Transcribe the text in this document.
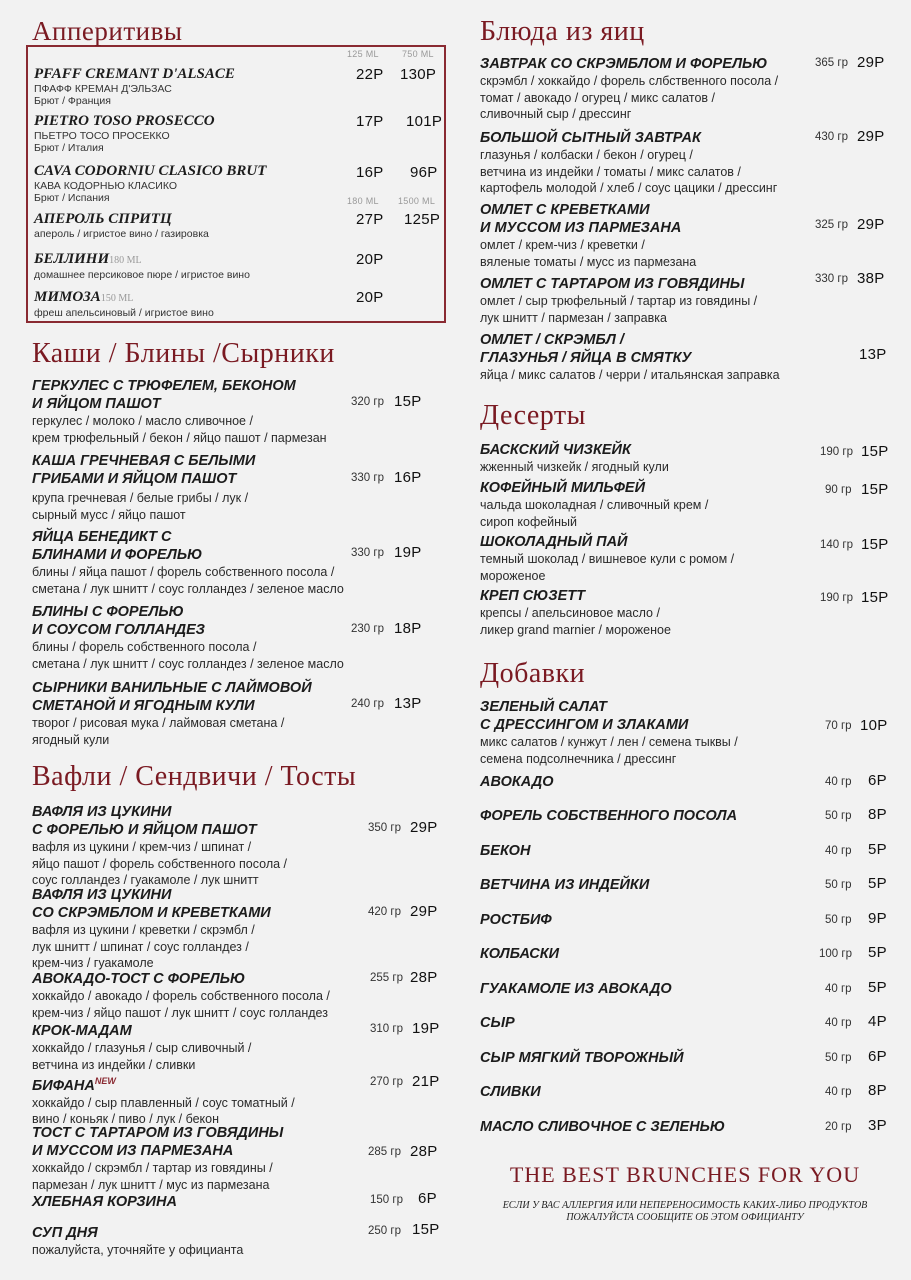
Апперитивы
125 ML	750 ML
PFAFF CREMANT D'ALSACE
ПФАФФ КРЕМАН Д'ЭЛЬЗАС
Брют / Франция
22Р 130Р
PIETRO TOSO PROSECCO
ПЬЕТРО ТОСО ПРОСЕККО
Брют / Италия
17Р 101Р
CAVA CODORNIU CLASICO BRUT
КАВА КОДОРНЬЮ КЛАСИКО
Брют / Испания
16Р 96Р
180 ML 1500 ML
АПЕРОЛЬ СПРИТЦ
апероль / игристое вино / газировка
27Р 125Р
БЕЛЛИНИ180 ML
домашнее персиковое пюре / игристое вино
20Р
МИМОЗА150 ML
фреш апельсиновый / игристое вино
20Р
Каши / Блины /Сырники
ГЕРКУЛЕС С ТРЮФЕЛЕМ, БЕКОНОМ
И ЯЙЦОМ ПАШОТ
геркулес / молоко / масло сливочное /
крем трюфельный / бекон / яйцо пашот / пармезан
320 гр 15Р
КАША ГРЕЧНЕВАЯ С БЕЛЫМИ
ГРИБАМИ И ЯЙЦОМ ПАШОТ
крупа гречневая / белые грибы / лук /
сырный мусс / яйцо пашот
330 гр 16Р
ЯЙЦА БЕНЕДИКТ С
БЛИНАМИ И ФОРЕЛЬЮ
блины / яйца пашот / форель собственного посола /
сметана / лук шнитт / соус голландез / зеленое масло
330 гр 19Р
БЛИНЫ С ФОРЕЛЬЮ
И СОУСОМ ГОЛЛАНДЕЗ
блины / форель собственного посола /
сметана / лук шнитт / соус голландез / зеленое масло
230 гр 18Р
СЫРНИКИ ВАНИЛЬНЫЕ С ЛАЙМОВОЙ
СМЕТАНОЙ И ЯГОДНЫМ КУЛИ
творог / рисовая мука / лаймовая сметана /
ягодный кули
240 гр 13Р
Вафли / Сендвичи / Тосты
ВАФЛЯ ИЗ ЦУКИНИ
С ФОРЕЛЬЮ И ЯЙЦОМ ПАШОТ
вафля из цукини / крем-чиз / шпинат /
яйцо пашот / форель собственного посола /
соус голландез / гуакамоле / лук шнитт
350 гр 29Р
ВАФЛЯ ИЗ ЦУКИНИ
СО СКРЭМБЛОМ И КРЕВЕТКАМИ
вафля из цукини / креветки / скрэмбл /
лук шнитт / шпинат / соус голландез /
крем-чиз / гуакамоле
420 гр 29Р
АВОКАДО-ТОСТ С ФОРЕЛЬЮ
хоккайдо / авокадо / форель собственного посола /
крем-чиз / яйцо пашот / лук шнитт / соус голландез
255 гр 28Р
КРОК-МАДАМ
хоккайдо / глазунья / сыр сливочный /
ветчина из индейки / сливки
310 гр 19Р
$БИФАНА^{NEW}$
хоккайдо / сыр плавленный / соус томатный /
вино / коньяк / пиво / лук / бекон
270 гр 21Р
ТОСТ С ТАРТАРОМ ИЗ ГОВЯДИНЫ
И МУССОМ ИЗ ПАРМЕЗАНА
хоккайдо / скрэмбл / тартар из говядины /
пармезан / лук шнитт / мус из пармезана
285 гр 28Р
ХЛЕБНАЯ КОРЗИНА	150 гр 6Р
СУП ДНЯ
пожалуйста, уточняйте у официанта
250 гр 15Р
Блюда из яиц
ЗАВТРАК СО СКРЭМБЛОМ И ФОРЕЛЬЮ
скрэмбл / хоккайдо / форель слбственного посола /
томат / авокадо / огурец / микс салатов /
сливочный сыр / дрессинг
365 гр 29Р
БОЛЬШОЙ СЫТНЫЙ ЗАВТРАК
глазунья / колбаски / бекон / огурец /
ветчина из индейки / томаты / микс салатов /
картофель молодой / хлеб / соус цацики / дрессинг
430 гр 29Р
ОМЛЕТ С КРЕВЕТКАМИ
И МУССОМ ИЗ ПАРМЕЗАНА
омлет / крем-чиз / креветки /
вяленые томаты / мусс из пармезана
325 гр 29Р
ОМЛЕТ С ТАРТАРОМ ИЗ ГОВЯДИНЫ
омлет / сыр трюфельный / тартар из говядины /
лук шнитт / пармезан / заправка
330 гр 38Р
ОМЛЕТ / СКРЭМБЛ /
ГЛАЗУНЬЯ / ЯЙЦА В СМЯТКУ
яйца / микс салатов / черри / итальянская заправка
13Р
Десерты
БАСКСКИЙ ЧИЗКЕЙК
жженный чизкейк / ягодный кули
190 гр 15Р
КОФЕЙНЫЙ МИЛЬФЕЙ
чальда шоколадная / сливочный крем /
сироп кофейный
90 гр 15Р
ШОКОЛАДНЫЙ ПАЙ
темный шоколад / вишневое кули с ромом /
мороженое
140 гр 15Р
КРЕП СЮЗЕТТ
крепсы / апельсиновое масло /
ликер grand marnier / мороженое
190 гр 15Р
Добавки
ЗЕЛЕНЫЙ САЛАТ
С ДРЕССИНГОМ И ЗЛАКАМИ
микс салатов / кунжут / лен / семена тыквы /
семена подсолнечника / дрессинг
70 гр 10Р
АВОКАДО	40 гр 6Р
ФОРЕЛЬ СОБСТВЕННОГО ПОСОЛА	50 гр 8Р
БЕКОН	40 гр 5Р
ВЕТЧИНА ИЗ ИНДЕЙКИ	50 гр 5Р
РОСТБИФ	50 гр 9Р
КОЛБАСКИ	100 гр 5Р
ГУАКАМОЛЕ ИЗ АВОКАДО	40 гр 5Р
СЫР	40 гр 4Р
СЫР МЯГКИЙ ТВОРОЖНЫЙ	50 гр 6Р
СЛИВКИ	40 гр 8Р
МАСЛО СЛИВОЧНОЕ С ЗЕЛЕНЬЮ	20 гр 3Р
THE BEST BRUNCHES FOR YOU
ЕСЛИ У ВАС АЛЛЕРГИЯ ИЛИ НЕПЕРЕНОСИМОСТЬ КАКИХ-ЛИБО ПРОДУКТОВ
ПОЖАЛУЙСТА СООБЩИТЕ ОБ ЭТОМ ОФИЦИАНТУ
